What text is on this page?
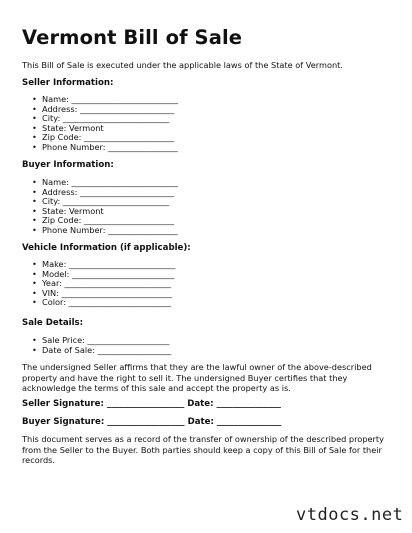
Vermont Bill of Sale

This Bill of Sale is executed under the applicable laws of the State of Vermont.

Seller Information:
• Name: __________________________
• Address: _______________________
• City: __________________________
• State: Vermont
• Zip Code: ______________________
• Phone Number: _________________
Buyer Information:
• Name: __________________________
• Address: _______________________
• City: __________________________
• State: Vermont
• Zip Code: ______________________
• Phone Number: _________________
Vehicle Information (if applicable):
• Make: __________________________
• Model: _________________________
• Year: __________________________
• VIN: ___________________________
• Color: _________________________
Sale Details:
• Sale Price: ____________________
• Date of Sale: __________________

The undersigned Seller affirms that they are the lawful owner of the above-described property and have the right to sell it. The undersigned Buyer certifies that they acknowledge the terms of this sale and accept the property as is.

Seller Signature: __________________ Date: _______________
Buyer Signature: __________________ Date: _______________

This document serves as a record of the transfer of ownership of the described property from the Seller to the Buyer. Both parties should keep a copy of this Bill of Sale for their records.

vtdocs.net
